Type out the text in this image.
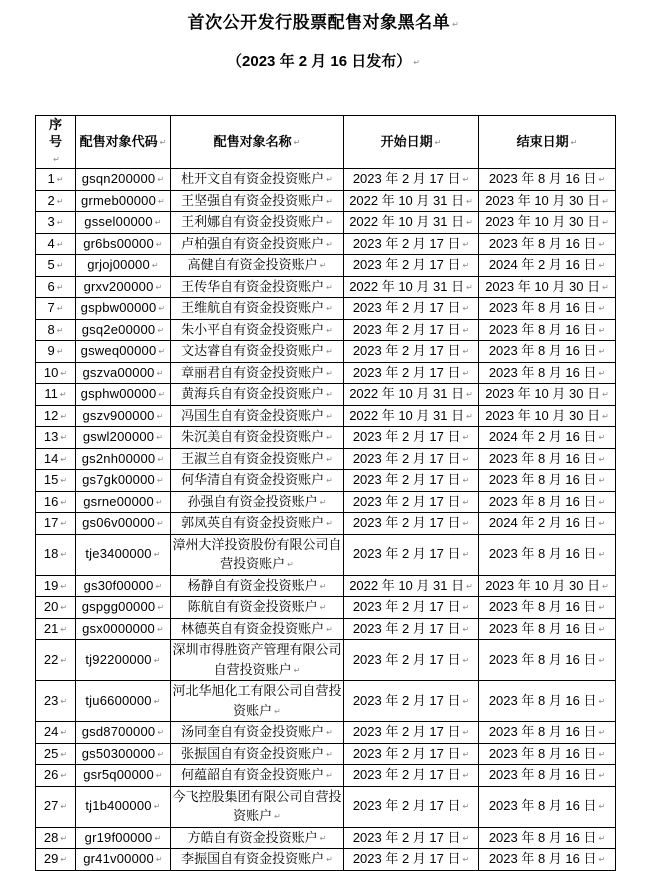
首次公开发行股票配售对象黑名单 ↵
（2023 年 2 月 16 日发布） ↵
序号 ↵	配售对象代码 ↵	配售对象名称 ↵	开始日期 ↵	结束日期 ↵
1 ↵	gsqn200000 ↵	杜开文自有资金投资账户 ↵	2023 年 2 月 17 日 ↵	2023 年 8 月 16 日 ↵
2 ↵	grmeb00000 ↵	王坚强自有资金投资账户 ↵	2022 年 10 月 31 日 ↵	2023 年 10 月 30 日 ↵
3 ↵	gssel00000 ↵	王利娜自有资金投资账户 ↵	2022 年 10 月 31 日 ↵	2023 年 10 月 30 日 ↵
4 ↵	gr6bs00000 ↵	卢柏强自有资金投资账户 ↵	2023 年 2 月 17 日 ↵	2023 年 8 月 16 日 ↵
5 ↵	grjoj00000 ↵	高健自有资金投资账户 ↵	2023 年 2 月 17 日 ↵	2024 年 2 月 16 日 ↵
6 ↵	grxv200000 ↵	王传华自有资金投资账户 ↵	2022 年 10 月 31 日 ↵	2023 年 10 月 30 日 ↵
7 ↵	gspbw00000 ↵	王维航自有资金投资账户 ↵	2023 年 2 月 17 日 ↵	2023 年 8 月 16 日 ↵
8 ↵	gsq2e00000 ↵	朱小平自有资金投资账户 ↵	2023 年 2 月 17 日 ↵	2023 年 8 月 16 日 ↵
9 ↵	gsweq00000 ↵	文达睿自有资金投资账户 ↵	2023 年 2 月 17 日 ↵	2023 年 8 月 16 日 ↵
10 ↵	gszva00000 ↵	章丽君自有资金投资账户 ↵	2023 年 2 月 17 日 ↵	2023 年 8 月 16 日 ↵
11 ↵	gsphw00000 ↵	黄海兵自有资金投资账户 ↵	2022 年 10 月 31 日 ↵	2023 年 10 月 30 日 ↵
12 ↵	gszv900000 ↵	冯国生自有资金投资账户 ↵	2022 年 10 月 31 日 ↵	2023 年 10 月 30 日 ↵
13 ↵	gswl200000 ↵	朱沉美自有资金投资账户 ↵	2023 年 2 月 17 日 ↵	2024 年 2 月 16 日 ↵
14 ↵	gs2nh00000 ↵	王淑兰自有资金投资账户 ↵	2023 年 2 月 17 日 ↵	2023 年 8 月 16 日 ↵
15 ↵	gs7gk00000 ↵	何华清自有资金投资账户 ↵	2023 年 2 月 17 日 ↵	2023 年 8 月 16 日 ↵
16 ↵	gsrne00000 ↵	孙强自有资金投资账户 ↵	2023 年 2 月 17 日 ↵	2023 年 8 月 16 日 ↵
17 ↵	gs06v00000 ↵	郭凤英自有资金投资账户 ↵	2023 年 2 月 17 日 ↵	2024 年 2 月 16 日 ↵
18 ↵	tje3400000 ↵	漳州大洋投资股份有限公司自营投资账户 ↵	2023 年 2 月 17 日 ↵	2023 年 8 月 16 日 ↵
19 ↵	gs30f00000 ↵	杨静自有资金投资账户 ↵	2022 年 10 月 31 日 ↵	2023 年 10 月 30 日 ↵
20 ↵	gspgg00000 ↵	陈航自有资金投资账户 ↵	2023 年 2 月 17 日 ↵	2023 年 8 月 16 日 ↵
21 ↵	gsx0000000 ↵	林德英自有资金投资账户 ↵	2023 年 2 月 17 日 ↵	2023 年 8 月 16 日 ↵
22 ↵	tj92200000 ↵	深圳市得胜资产管理有限公司自营投资账户 ↵	2023 年 2 月 17 日 ↵	2023 年 8 月 16 日 ↵
23 ↵	tju6600000 ↵	河北华旭化工有限公司自营投资账户 ↵	2023 年 2 月 17 日 ↵	2023 年 8 月 16 日 ↵
24 ↵	gsd8700000 ↵	汤同奎自有资金投资账户 ↵	2023 年 2 月 17 日 ↵	2023 年 8 月 16 日 ↵
25 ↵	gs50300000 ↵	张振国自有资金投资账户 ↵	2023 年 2 月 17 日 ↵	2023 年 8 月 16 日 ↵
26 ↵	gsr5q00000 ↵	何蕴韶自有资金投资账户 ↵	2023 年 2 月 17 日 ↵	2023 年 8 月 16 日 ↵
27 ↵	tj1b400000 ↵	今飞控股集团有限公司自营投资账户 ↵	2023 年 2 月 17 日 ↵	2023 年 8 月 16 日 ↵
28 ↵	gr19f00000 ↵	方皓自有资金投资账户 ↵	2023 年 2 月 17 日 ↵	2023 年 8 月 16 日 ↵
29 ↵	gr41v00000 ↵	李振国自有资金投资账户 ↵	2023 年 2 月 17 日 ↵	2023 年 8 月 16 日 ↵
